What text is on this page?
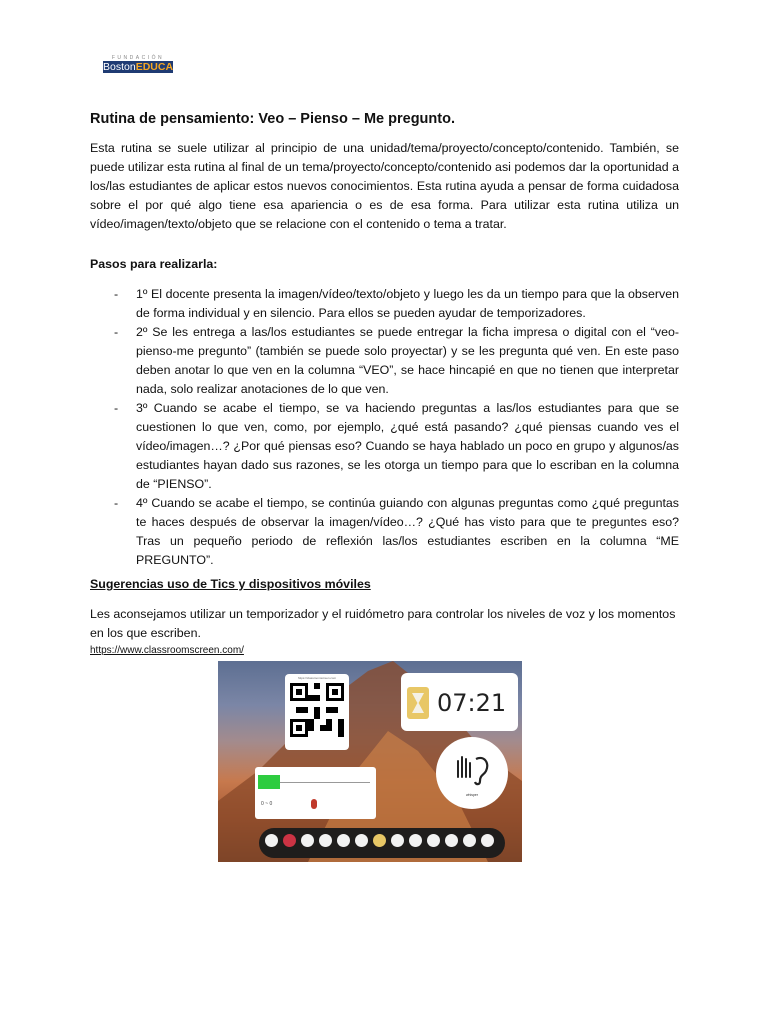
FUNDACIÓN
BostonEDUCA
Rutina de pensamiento: Veo – Pienso – Me pregunto.

Esta rutina se suele utilizar al principio de una unidad/tema/proyecto/concepto/contenido. También, se puede utilizar esta rutina al final de un tema/proyecto/concepto/contenido asi podemos dar la oportunidad a los/las estudiantes de aplicar estos nuevos conocimientos. Esta rutina ayuda a pensar de forma cuidadosa sobre el por qué algo tiene esa apariencia o es de esa forma. Para utilizar esta rutina utiliza un vídeo/imagen/texto/objeto que se relacione con el contenido o tema a tratar.

Pasos para realizarla:
- 1º El docente presenta la imagen/vídeo/texto/objeto y luego les da un tiempo para que la observen de forma individual y en silencio. Para ellos se pueden ayudar de temporizadores.
- 2º Se les entrega a las/los estudiantes se puede entregar la ficha impresa o digital con el “veo-pienso-me pregunto” (también se puede solo proyectar) y se les pregunta qué ven. En este paso deben anotar lo que ven en la columna “VEO”, se hace hincapié en que no tienen que interpretar nada, solo realizar anotaciones de lo que ven.
- 3º Cuando se acabe el tiempo, se va haciendo preguntas a las/los estudiantes para que se cuestionen lo que ven, como, por ejemplo, ¿qué está pasando? ¿qué piensas cuando ves el vídeo/imagen…? ¿Por qué piensas eso? Cuando se haya hablado un poco en grupo y algunos/as estudiantes hayan dado sus razones, se les otorga un tiempo para que lo escriban en la columna de “PIENSO”.
- 4º Cuando se acabe el tiempo, se continúa guiando con algunas preguntas como ¿qué preguntas te haces después de observar la imagen/vídeo…? ¿Qué has visto para que te preguntes eso? Tras un pequeño periodo de reflexión las/los estudiantes escriben en la columna “ME PREGUNTO”.
Sugerencias uso de Tics y dispositivos móviles

Les aconsejamos utilizar un temporizador y el ruidómetro para controlar los niveles de voz y los momentos en los que escriben.

https://www.classroomscreen.com/
https://classroomscreen.com
07:21
0 ~ 0
whisper
